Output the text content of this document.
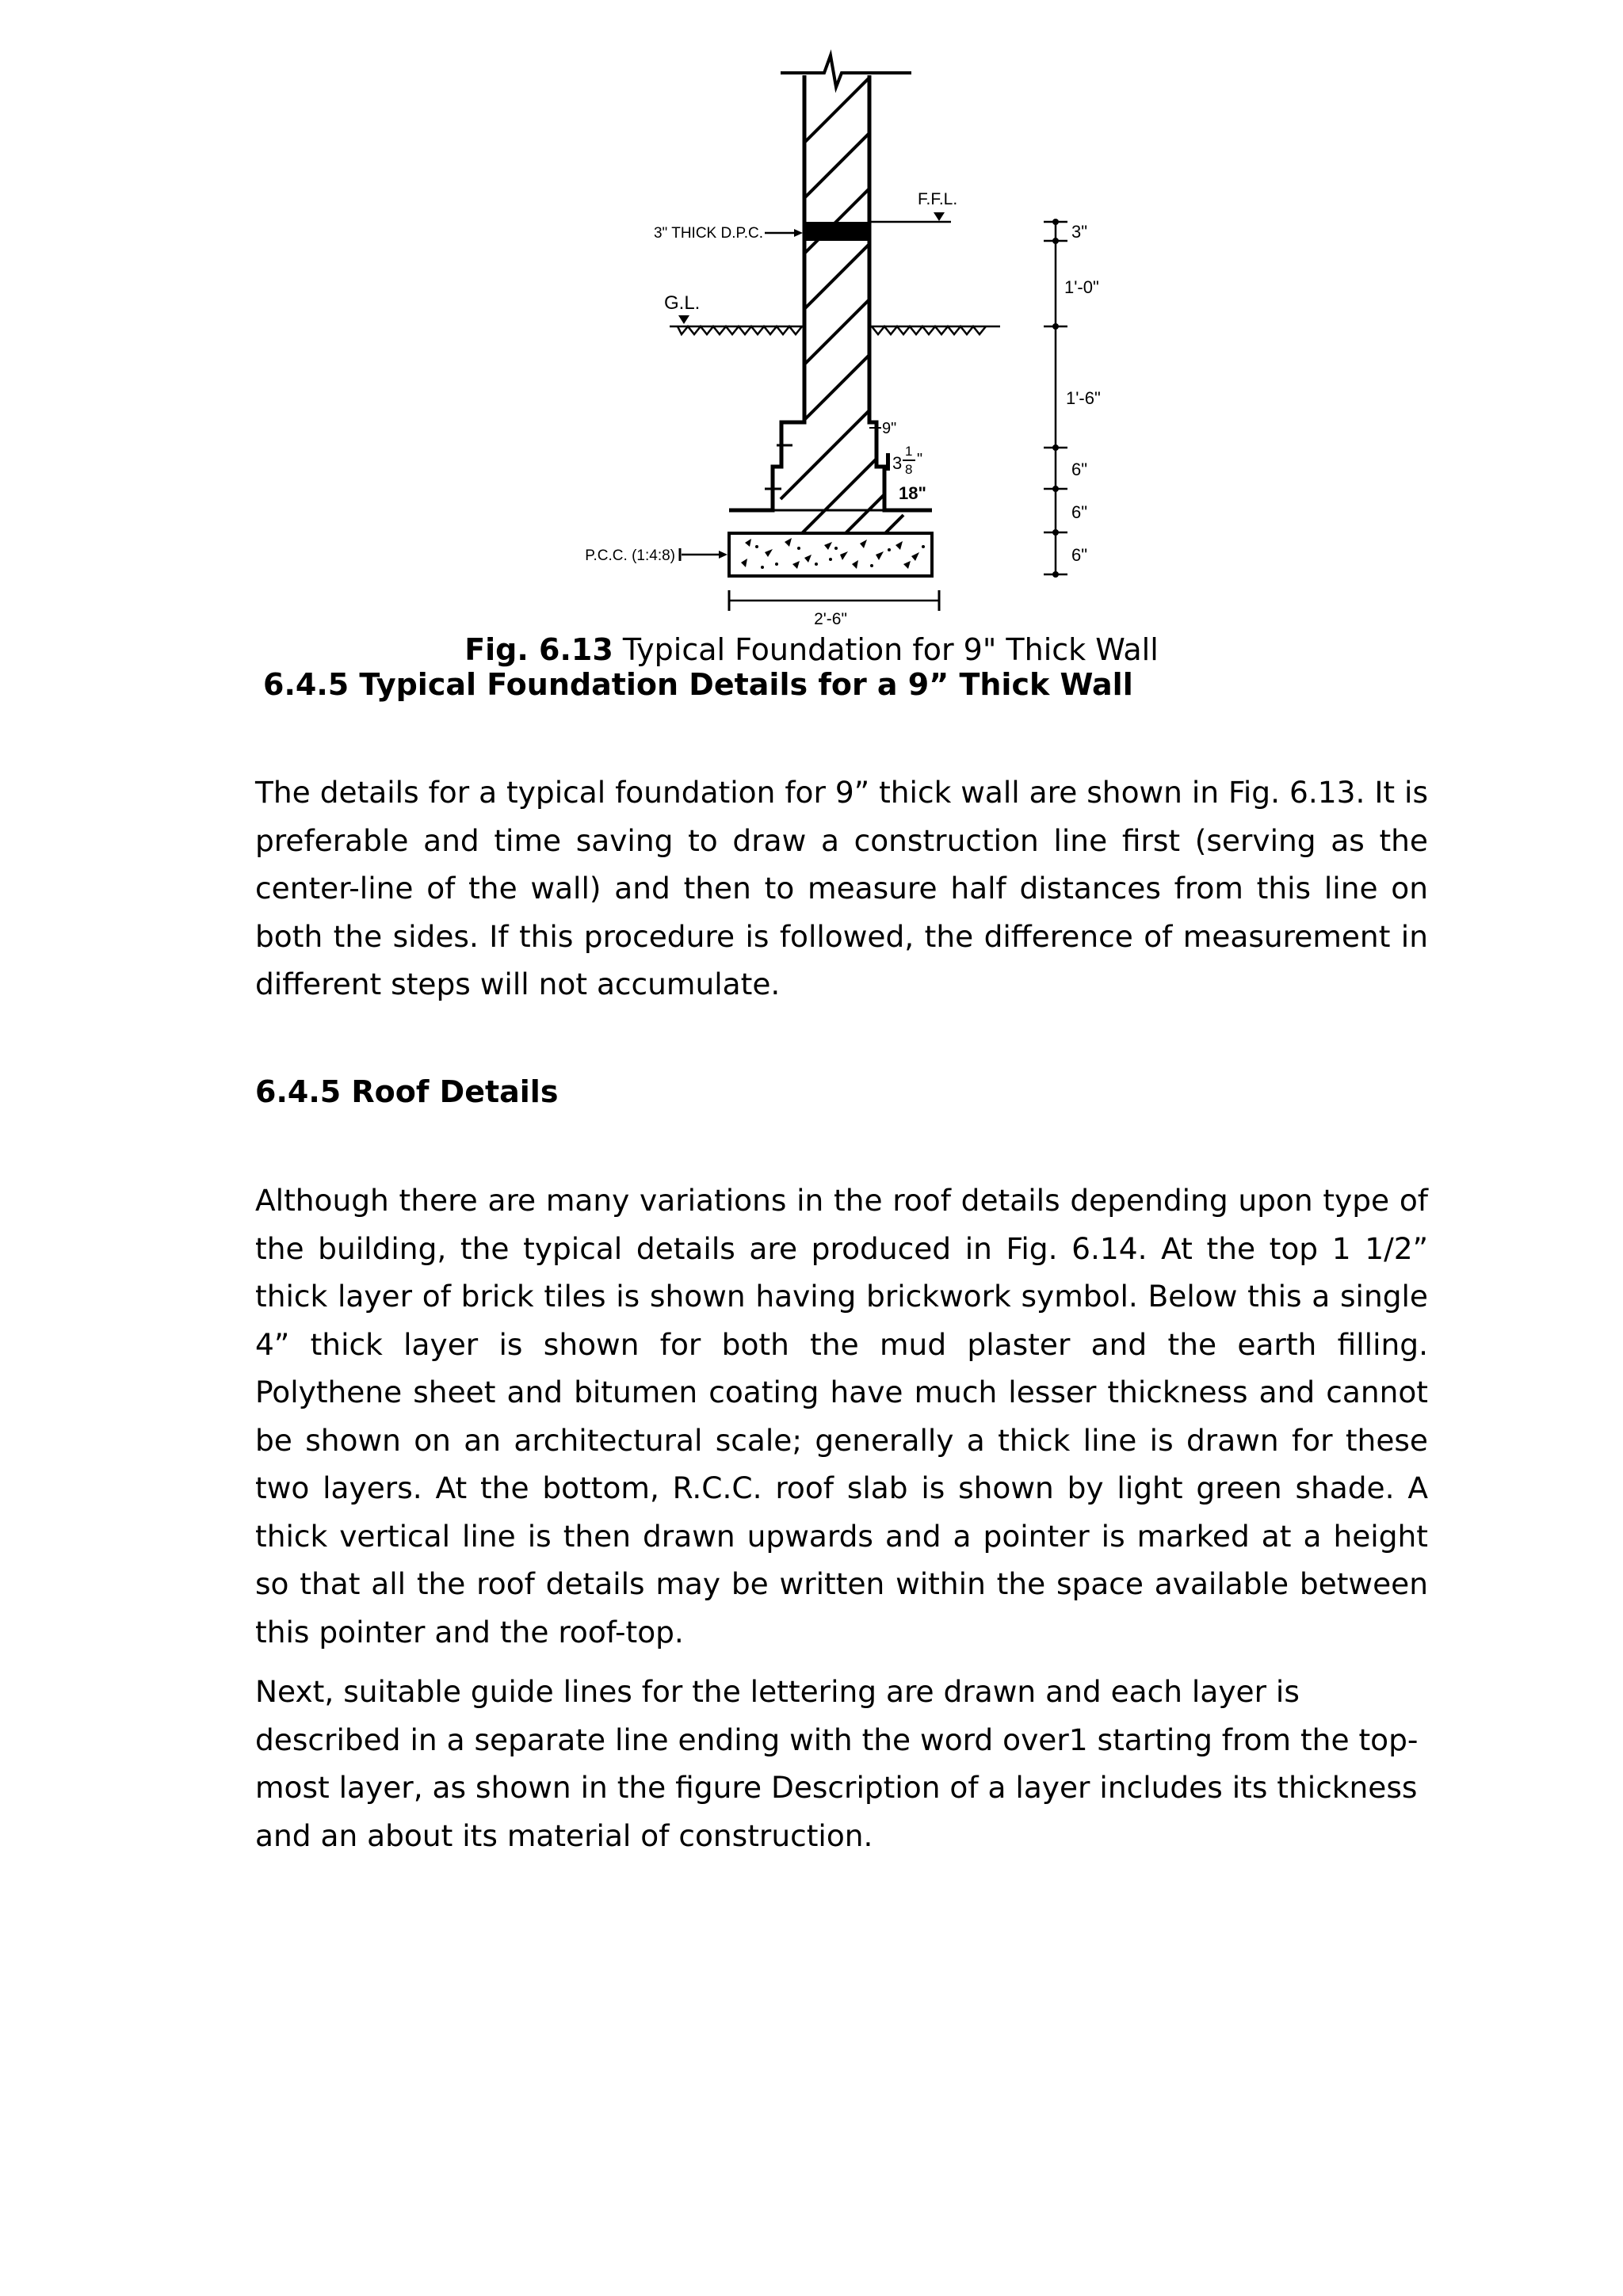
3" THICK D.P.C.
F.F.L.
G.L.
9"
3
1
8
"
18"
P.C.C. (1:4:8)
2'-6"
3"
1'-0"
1'-6"
6"
6"
6"
Fig. 6.13 Typical Foundation for 9" Thick Wall
6.4.5 Typical Foundation Details for a 9” Thick Wall

The details for a typical foundation for 9” thick wall are shown in Fig. 6.13. It is preferable and time saving to draw a construction line first (serving as the center-line of the wall) and then to measure half distances from this line on both the sides. If this procedure is followed, the difference of measurement in different steps will not accumulate.

6.4.5 Roof Details

Although there are many variations in the roof details depending upon type of the building, the typical details are produced in Fig. 6.14. At the top 1 1/2” thick layer of brick tiles is shown having brickwork symbol. Below this a single 4” thick layer is shown for both the mud plaster and the earth filling. Polythene sheet and bitumen coating have much lesser thickness and cannot be shown on an architectural scale; generally a thick line is drawn for these two layers. At the bottom, R.C.C. roof slab is shown by light green shade. A thick vertical line is then drawn upwards and a pointer is marked at a height so that all the roof details may be written within the space available between this pointer and the roof-top.

Next, suitable guide lines for the lettering are drawn and each layer is described in a separate line ending with the word over1 starting from the top-most layer, as shown in the figure Description of a layer includes its thickness and an about its material of construction.
